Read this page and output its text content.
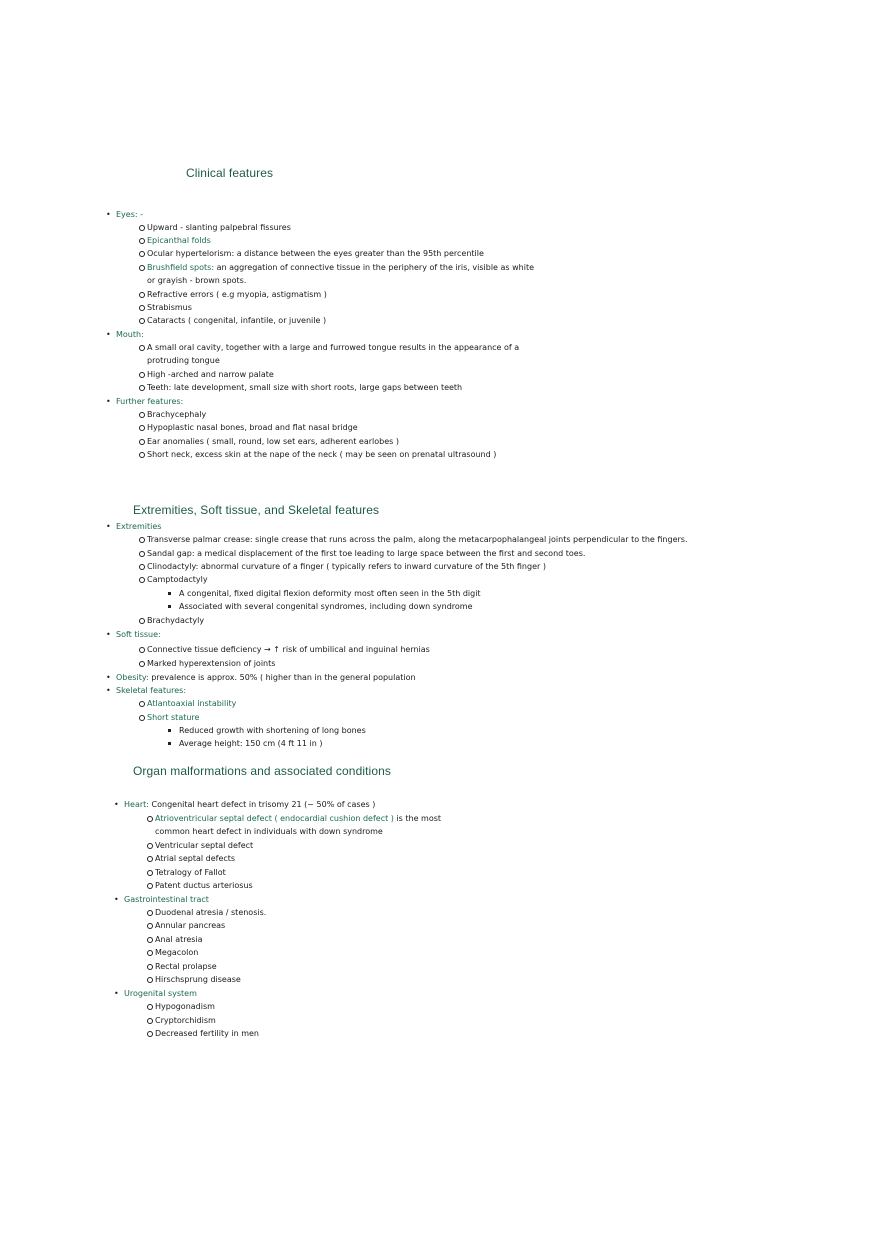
Clinical features
• Eyes: -
Upward - slanting palpebral fissures
Epicanthal folds
Ocular hypertelorism: a distance between the eyes greater than the 95th percentile
Brushfield spots: an aggregation of connective tissue in the periphery of the iris, visible as white
or grayish - brown spots.
Refractive errors ( e.g myopia, astigmatism )
Strabismus
Cataracts ( congenital, infantile, or juvenile )
• Mouth:
A small oral cavity, together with a large and furrowed tongue results in the appearance of a
protruding tongue
High -arched and narrow palate
Teeth: late development, small size with short roots, large gaps between teeth
• Further features:
Brachycephaly
Hypoplastic nasal bones, broad and flat nasal bridge
Ear anomalies ( small, round, low set ears, adherent earlobes )
Short neck, excess skin at the nape of the neck ( may be seen on prenatal ultrasound )
Extremities, Soft tissue, and Skeletal features
• Extremities
Transverse palmar crease: single crease that runs across the palm, along the metacarpophalangeal joints perpendicular to the fingers.
Sandal gap: a medical displacement of the first toe leading to large space between the first and second toes.
Clinodactyly: abnormal curvature of a finger ( typically refers to inward curvature of the 5th finger )
Camptodactyly
A congenital, fixed digital flexion deformity most often seen in the 5th digit
Associated with several congenital syndromes, including down syndrome
Brachydactyly
• Soft tissue:
Connective tissue deficiency → ↑ risk of umbilical and inguinal hernias
Marked hyperextension of joints
• Obesity: prevalence is approx. 50% ( higher than in the general population
• Skeletal features:
Atlantoaxial instability
Short stature
Reduced growth with shortening of long bones
Average height: 150 cm (4 ft 11 in )
Organ malformations and associated conditions
• Heart: Congenital heart defect in trisomy 21 (~ 50% of cases )
Atrioventricular septal defect ( endocardial cushion defect ) is the most
common heart defect in individuals with down syndrome
Ventricular septal defect
Atrial septal defects
Tetralogy of Fallot
Patent ductus arteriosus
• Gastrointestinal tract
Duodenal atresia / stenosis.
Annular pancreas
Anal atresia
Megacolon
Rectal prolapse
Hirschsprung disease
• Urogenital system
Hypogonadism
Cryptorchidism
Decreased fertility in men
